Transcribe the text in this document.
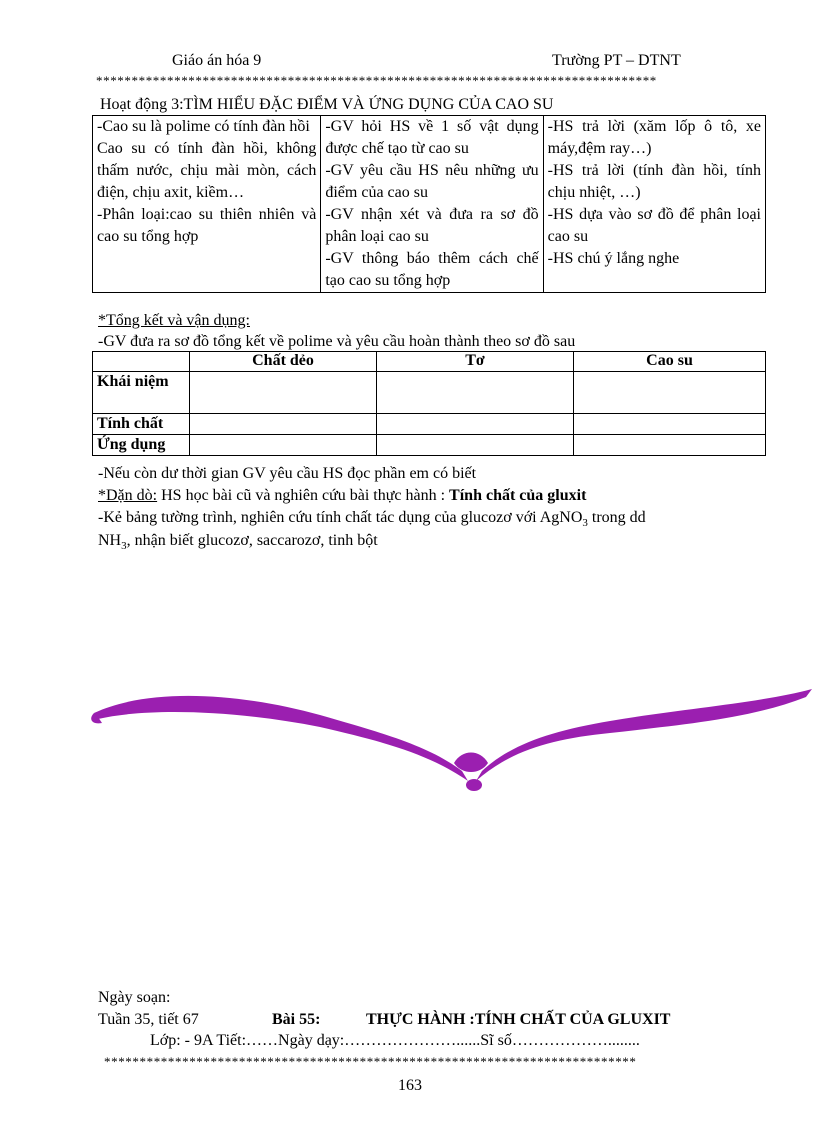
Giáo án hóa 9	Trường PT – DTNT
*******************************************************************************
Hoạt động 3:TÌM HIỂU ĐẶC ĐIỂM VÀ ỨNG DỤNG CỦA CAO SU
-Cao su là polime có tính đàn hồi
Cao su có tính đàn hồi, không thấm nước, chịu mài mòn, cách điện, chịu axit, kiềm…
-Phân loại:cao su thiên nhiên và cao su tổng hợp

-GV hỏi HS về 1 số vật dụng được chế tạo từ cao su
-GV yêu cầu HS nêu những ưu điểm của cao su
-GV nhận xét và đưa ra sơ đồ phân loại cao su
-GV thông báo thêm cách chế tạo cao su tổng hợp

-HS trả lời (xăm lốp ô tô, xe máy,đệm ray…)
-HS trả lời (tính đàn hồi, tính chịu nhiệt, …)
-HS dựa vào sơ đồ để phân loại cao su
-HS chú ý lắng nghe
*Tổng kết và vận dụng:
-GV đưa ra sơ đồ tổng kết về polime và yêu cầu hoàn thành theo sơ đồ sau
	Chất dẻo	Tơ	Cao su
Khái niệm			
Tính chất			
Ứng dụng			
-Nếu còn dư thời gian GV yêu cầu HS đọc phần em có biết
*Dặn dò: HS học bài cũ và nghiên cứu bài thực hành : Tính chất của gluxit
-Kẻ bảng tường trình, nghiên cứu tính chất tác dụng của glucozơ với AgNO$_3$ trong dd
$NH_3$, nhận biết glucozơ, saccarozơ, tinh bột
Ngày soạn:
Tuần 35, tiết 67	Bài 55:	THỰC HÀNH :TÍNH CHẤT CỦA GLUXIT
Lớp: - 9A Tiết:……Ngày dạy:…………………......Sĩ số………………........
***************************************************************************
163
